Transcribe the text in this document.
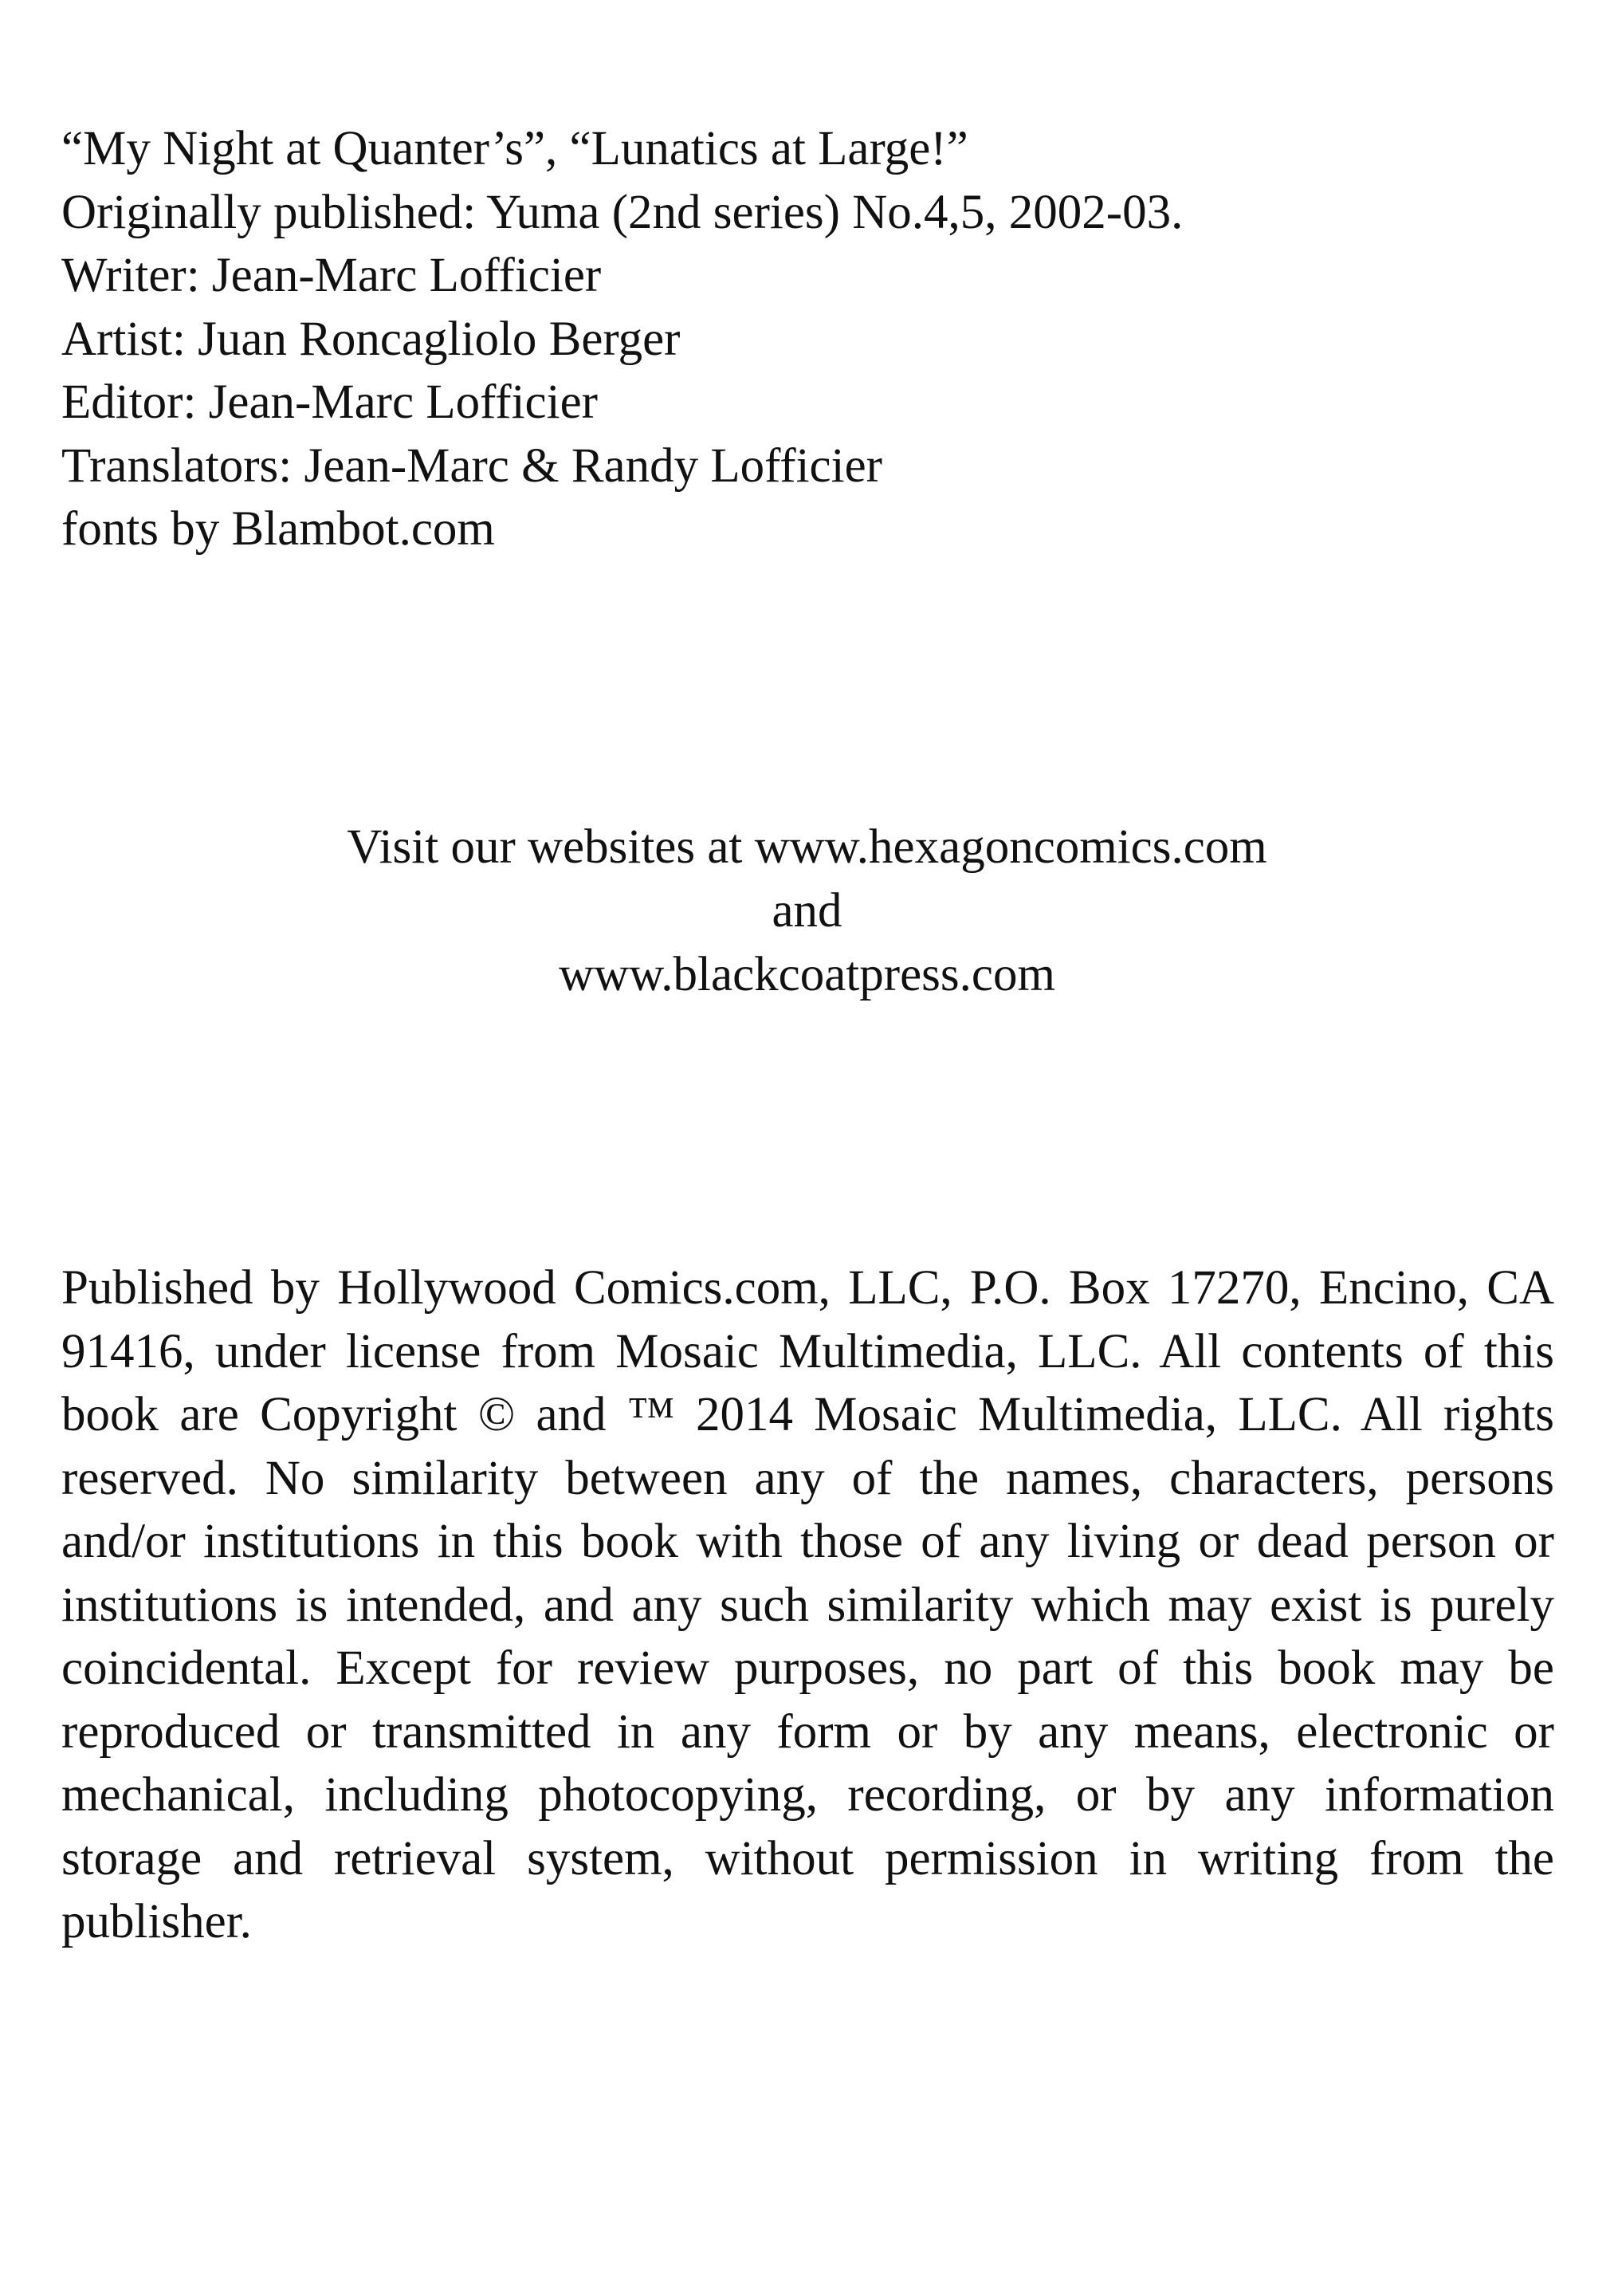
“My Night at Quanter’s”, “Lunatics at Large!”
Originally published: Yuma (2nd series) No.4,5, 2002-03.
Writer: Jean-Marc Lofficier
Artist: Juan Roncagliolo Berger
Editor: Jean-Marc Lofficier
Translators: Jean-Marc & Randy Lofficier
fonts by Blambot.com
Visit our websites at www.hexagoncomics.com
and
www.blackcoatpress.com
Published by Hollywood Comics.com, LLC, P.O. Box 17270, Encino, CA 91416, under license from Mosaic Multimedia, LLC. All contents of this book are Copyright © and ™ 2014 Mosaic Multimedia, LLC. All rights reserved. No similarity between any of the names, characters, persons and/or institutions in this book with those of any living or dead person or institutions is intended, and any such similarity which may exist is purely coincidental. Except for review purposes, no part of this book may be reproduced or transmitted in any form or by any means, electronic or mechanical, including photocopying, recording, or by any information storage and retrieval system, without permission in writing from the publisher.
